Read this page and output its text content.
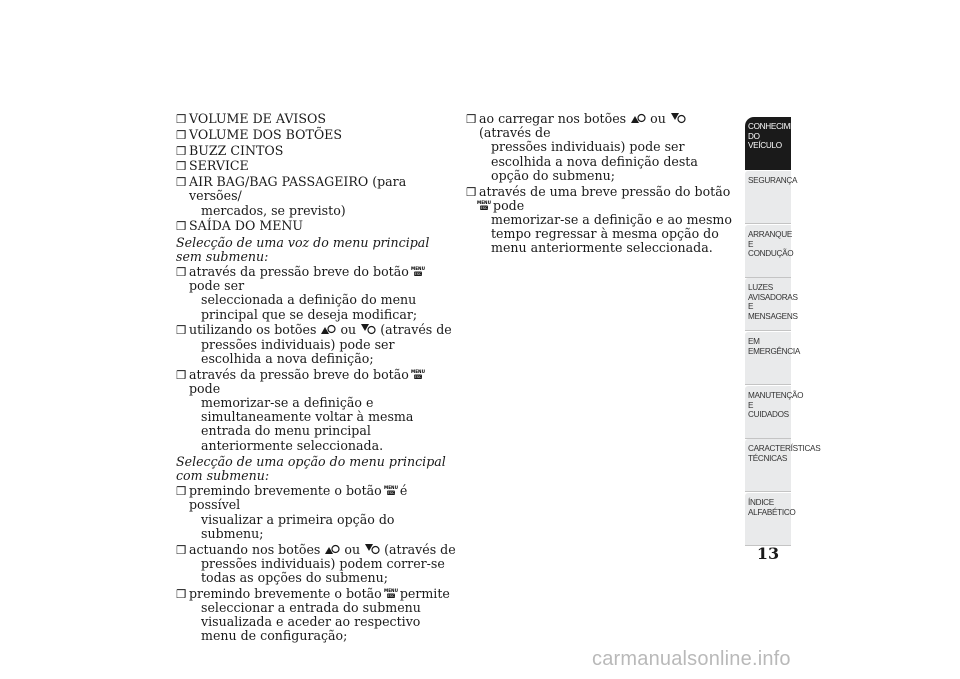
❒ VOLUME DE AVISOS
❒ VOLUME DOS BOTÕES
❒ BUZZ CINTOS
❒ SERVICE
❒ AIR BAG/BAG PASSAGEIRO (para versões/
mercados, se previsto)
❒ SAÍDA DO MENU
Selecção de uma voz do menu principal sem submenu:
❒ através da pressão breve do botão MENU
ESC
pode ser
seleccionada a definição do menu principal que se deseja modificar;
❒ utilizando os botões ou (através de
pressões individuais) pode ser escolhida a nova definição;
❒ através da pressão breve do botão MENU
ESC
pode
memorizar-se a definição e simultaneamente voltar à mesma entrada do menu principal anteriormente seleccionada.
Selecção de uma opção do menu principal com submenu:
❒ premindo brevemente o botão MENU
ESC é possível
visualizar a primeira opção do submenu;
❒ actuando nos botões ou (através de
pressões individuais) podem correr-se todas as opções do submenu;
❒ premindo brevemente o botão MENU
ESC permite
seleccionar a entrada do submenu visualizada e aceder ao respectivo menu de configuração;
❒ ao carregar nos botões ou
(através de
pressões individuais) pode ser escolhida a nova definição desta opção do submenu;
❒ através de uma breve pressão do botão
MENU
ESC pode
memorizar-se a definição e ao mesmo tempo regressar à mesma opção do menu anteriormente seleccionada.
CONHECIMENTO DO VEÍCULO
SEGURANÇA
ARRANQUE E CONDUÇÃO
LUZES AVISADORAS E MENSAGENS
EM EMERGÊNCIA
MANUTENÇÃO E CUIDADOS
CARACTERÍSTICAS TÉCNICAS
ÍNDICE ALFABÉTICO
13
carmanualsonline.info
